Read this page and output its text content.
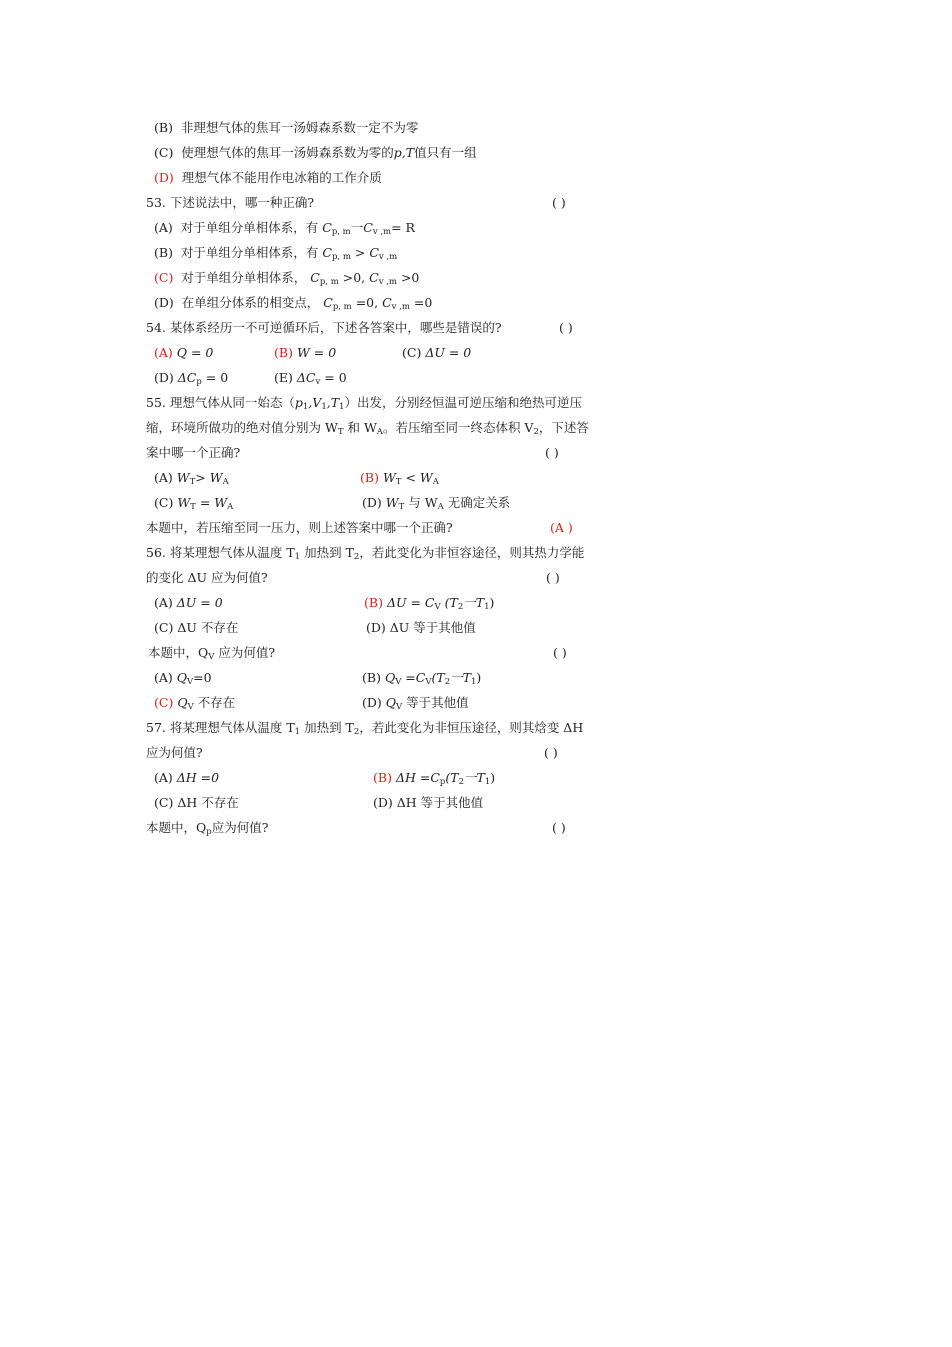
(B) 非理想气体的焦耳一汤姆森系数一定不为零
(C) 使理想气体的焦耳一汤姆森系数为零的p,T值只有一组
(D) 理想气体不能用作电冰箱的工作介质
53. 下述说法中，哪一种正确?	( )
(A) 对于单组分单相体系，有 $C_{p, m}$一$C_{v ,m}= R$
(B) 对于单组分单相体系，有 $C_{p, m} > C_{v ,m}$
(C) 对于单组分单相体系， $C_{p, m} >0$, $C_{v ,m} >0$
(D) 在单组分体系的相变点， $C_{p, m} =0$, $C_{v ,m} =0$
54. 某体系经历一不可逆循环后，下述各答案中，哪些是错误的?	( )
(A) Q = 0	(B) W = 0	(C) ΔU = 0
(D) $\Delta C_p = 0$	(E) $\Delta C_v = 0$
55. 理想气体从同一始态$(p_1,V_1,T_1)$出发，分别经恒温可逆压缩和绝热可逆压
缩，环境所做功的绝对值分别为 $W_T$ 和 $W_A$。若压缩至同一终态体积 $V_2$，下述答
案中哪一个正确?	( )
(A) $W_T> W_A$	(B) $W_T < W_A$
(C) $W_T = W_A$	(D) $W_T$ 与 $W_A$ 无确定关系
本题中，若压缩至同一压力，则上述答案中哪一个正确?	(A )
56. 将某理想气体从温度 $T_1$ 加热到 $T_2$，若此变化为非恒容途径，则其热力学能
的变化 ΔU 应为何值?	( )
(A) ΔU = 0	(B) $\Delta U = C_V$ ($T_2$一$T_1$)
(C) ΔU 不存在	(D) ΔU 等于其他值
本题中，$Q_V$ 应为何值?	( )
(A) $Q_V=0$	(B) $Q_V =C_V(T_2$一$T_1$)
(C) $Q_V$ 不存在	(D) $Q_V$ 等于其他值
57. 将某理想气体从温度 $T_1$ 加热到 $T_2$，若此变化为非恒压途径，则其焓变 ΔH
应为何值?	( )
(A) ΔH =0	(B) $\Delta H =C_p(T_2$一$T_1$)
(C) ΔH 不存在	(D) ΔH 等于其他值
本题中，$Q_p$应为何值?	( )
